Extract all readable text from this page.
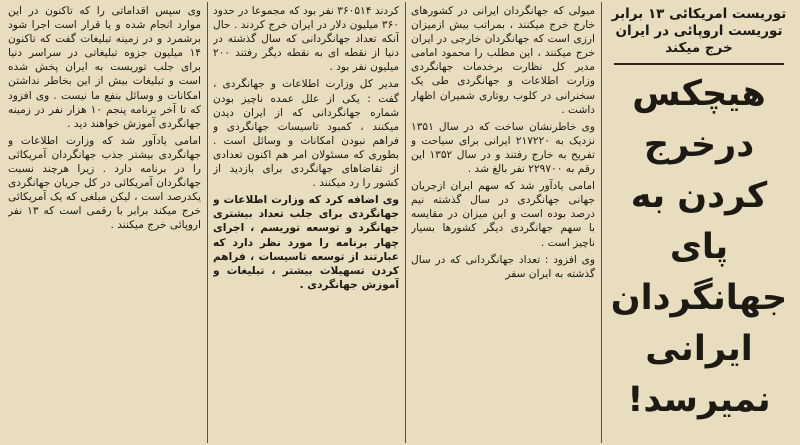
توریست امریکائی ۱۳ برابر توریست اروپائی در ایران خرج میکند
هیچکس درخرج کردن به پای جهانگردان ایرانی نمیرسد!

میولی که جهانگردان ایرانی در کشورهای خارج خرج میکنند ، بمراتب بیش ازمیزان ارزی است که جهانگردان خارجی در ایران خرج میکنند ، این مطلب را محمود امامی مدیر کل نظارت برخدمات جهانگردی وزارت اطلاعات و جهانگردی طی یک سخنرانی در کلوب روتاری شمیران اظهار داشت .

وی خاطرنشان ساخت که در سال ۱۳۵۱ نزدیک به ۲۱۷۲۲۰ ایرانی برای سیاحت و تفریح به خارج رفتند و در سال ۱۳۵۲ این رقم به ۲۲۹۷۰۰ نفر بالغ شد .

امامی یادآور شد که سهم ایران ازجریان جهانی جهانگردی در سال گذشته نیم درصد بوده است و این میزان در مقایسه با سهم جهانگردی دیگر کشورها بسیار ناچیز است .

وی افزود : تعداد جهانگردانی که در سال گذشته به ایران سفر

کردند ۳۶۰۵۱۴ نفر بود که مجموعا در حدود ۳۶۰ میلیون دلار در ایران خرج کردند . حال آنکه تعداد جهانگردانی که سال گذشته در دنیا از نقطه ای به نقطه دیگر رفتند ۲۰۰ میلیون نفر بود .

مدیر کل وزارت اطلاعات و جهانگردی ، گفت : یکی از علل عمده ناچیز بودن شماره جهانگردانی که از ایران دیدن میکنند ، کمبود تاسیسات جهانگردی و فراهم نبودن امکانات و وسائل است . بطوری که مسئولان امر هم اکنون تعدادی از تقاضاهای جهانگردی برای بازدید از کشور را رد میکنند .

وی اضافه کرد که وزارت اطلاعات و جهانگردی برای جلب تعداد بیشتری جهانگرد و توسعه توریسم ، اجرای چهار برنامه را مورد نظر دارد که عبارتند از توسعه تاسیسات ، فراهم کردن تسهیلات بیشتر ، تبلیغات و آموزش جهانگردی .

وی سپس اقداماتی را که تاکنون در این موارد انجام شده و یا قرار است اجرا شود برشمرد و در زمینه تبلیغات گفت که تاکنون ۱۴ میلیون جزوه تبلیغاتی در سراسر دنیا برای جلب توریست به ایران پخش شده است و تبلیغات بیش از این بخاطر نداشتن امکانات و وسائل بنفع ما نیست . وی افزود که تا آخر برنامه پنجم ۱۰ هزار نفر در زمینه جهانگردی آموزش خواهند دید .

امامی یادآور شد که وزارت اطلاعات و جهانگردی بیشتر جذب جهانگردان آمریکائی را در برنامه دارد . زیرا هرچند نسبت جهانگردان آمریکائی در کل جریان جهانگردی یکدرصد است ، لیکن مبلغی که یک آمریکائی خرج میکند برابر با رقمی است که ۱۳ نفر اروپائی خرج میکنند .
